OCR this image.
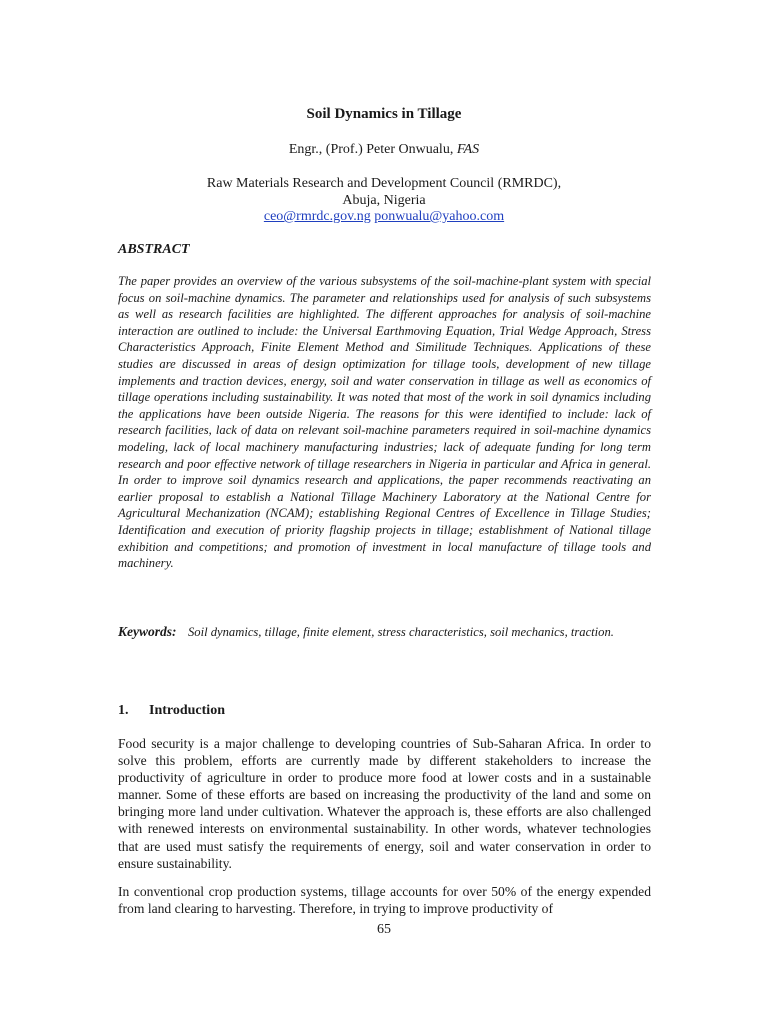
Soil Dynamics in Tillage
Engr., (Prof.) Peter Onwualu, FAS
Raw Materials Research and Development Council (RMRDC),
Abuja, Nigeria
ceo@rmrdc.gov.ng ponwualu@yahoo.com
ABSTRACT

The paper provides an overview of the various subsystems of the soil-machine-plant system with special focus on soil-machine dynamics. The parameter and relationships used for analysis of such subsystems as well as research facilities are highlighted. The different approaches for analysis of soil-machine interaction are outlined to include: the Universal Earthmoving Equation, Trial Wedge Approach, Stress Characteristics Approach, Finite Element Method and Similitude Techniques. Applications of these studies are discussed in areas of design optimization for tillage tools, development of new tillage implements and traction devices, energy, soil and water conservation in tillage as well as economics of tillage operations including sustainability. It was noted that most of the work in soil dynamics including the applications have been outside Nigeria. The reasons for this were identified to include: lack of research facilities, lack of data on relevant soil-machine parameters required in soil-machine dynamics modeling, lack of local machinery manufacturing industries; lack of adequate funding for long term research and poor effective network of tillage researchers in Nigeria in particular and Africa in general. In order to improve soil dynamics research and applications, the paper recommends reactivating an earlier proposal to establish a National Tillage Machinery Laboratory at the National Centre for Agricultural Mechanization (NCAM); establishing Regional Centres of Excellence in Tillage Studies; Identification and execution of priority flagship projects in tillage; establishment of National tillage exhibition and competitions; and promotion of investment in local manufacture of tillage tools and machinery.

Keywords: Soil dynamics, tillage, finite element, stress characteristics, soil mechanics, traction.

1. Introduction

Food security is a major challenge to developing countries of Sub-Saharan Africa. In order to solve this problem, efforts are currently made by different stakeholders to increase the productivity of agriculture in order to produce more food at lower costs and in a sustainable manner. Some of these efforts are based on increasing the productivity of the land and some on bringing more land under cultivation. Whatever the approach is, these efforts are also challenged with renewed interests on environmental sustainability. In other words, whatever technologies that are used must satisfy the requirements of energy, soil and water conservation in order to ensure sustainability.

In conventional crop production systems, tillage accounts for over 50% of the energy expended from land clearing to harvesting. Therefore, in trying to improve productivity of

65
